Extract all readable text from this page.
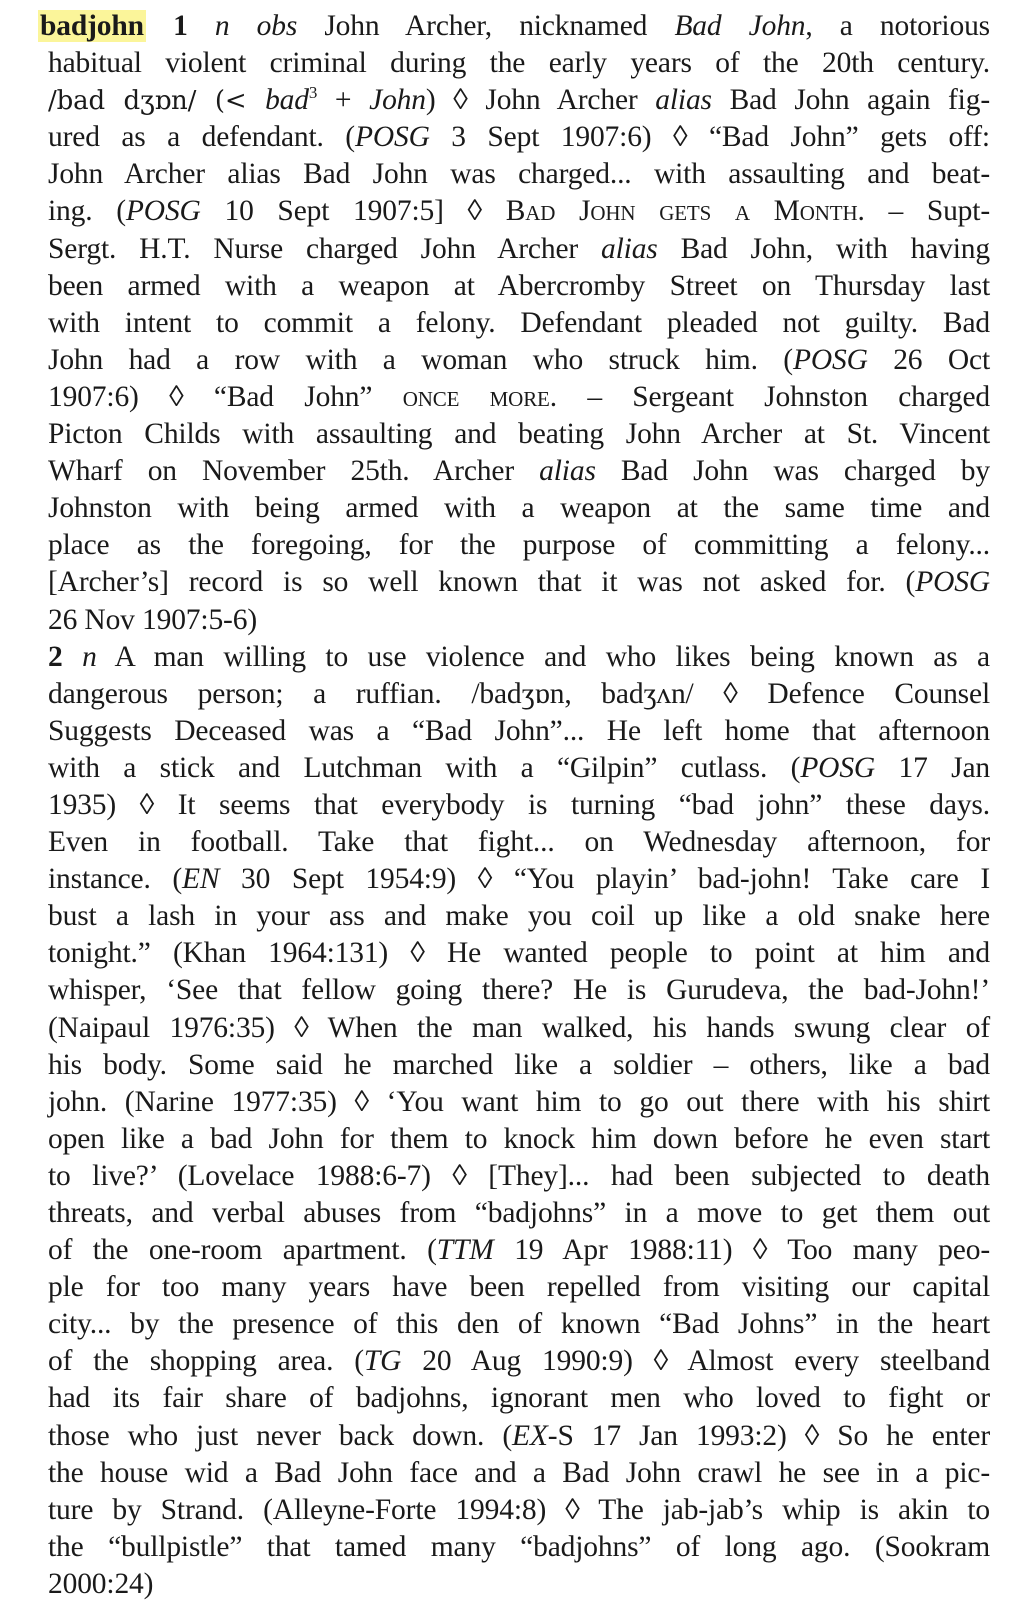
badjohn 1 n obs John Archer, nicknamed Bad John, a notorious
habitual violent criminal during the early years of the 20th century.
/bad dʒɒn/ (< bad$^3$ + John) ◊ John Archer alias Bad John again fig-
ured as a defendant. (POSG 3 Sept 1907:6) ◊ “Bad John” gets off:
John Archer alias Bad John was charged... with assaulting and beat-
ing. (POSG 10 Sept 1907:5] ◊ Bad John gets a Month. – Supt-
Sergt. H.T. Nurse charged John Archer alias Bad John, with having
been armed with a weapon at Abercromby Street on Thursday last
with intent to commit a felony. Defendant pleaded not guilty. Bad
John had a row with a woman who struck him. (POSG 26 Oct
1907:6) ◊ “Bad John” once more. – Sergeant Johnston charged
Picton Childs with assaulting and beating John Archer at St. Vincent
Wharf on November 25th. Archer alias Bad John was charged by
Johnston with being armed with a weapon at the same time and
place as the foregoing, for the purpose of committing a felony...
[Archer’s] record is so well known that it was not asked for. (POSG
26 Nov 1907:5-6)
2 n A man willing to use violence and who likes being known as a
dangerous person; a ruffian. /badʒɒn, badʒʌn/ ◊ Defence Counsel
Suggests Deceased was a “Bad John”... He left home that afternoon
with a stick and Lutchman with a “Gilpin” cutlass. (POSG 17 Jan
1935) ◊ It seems that everybody is turning “bad john” these days.
Even in football. Take that fight... on Wednesday afternoon, for
instance. (EN 30 Sept 1954:9) ◊ “You playin’ bad-john! Take care I
bust a lash in your ass and make you coil up like a old snake here
tonight.” (Khan 1964:131) ◊ He wanted people to point at him and
whisper, ‘See that fellow going there? He is Gurudeva, the bad-John!’
(Naipaul 1976:35) ◊ When the man walked, his hands swung clear of
his body. Some said he marched like a soldier – others, like a bad
john. (Narine 1977:35) ◊ ‘You want him to go out there with his shirt
open like a bad John for them to knock him down before he even start
to live?’ (Lovelace 1988:6-7) ◊ [They]... had been subjected to death
threats, and verbal abuses from “badjohns” in a move to get them out
of the one-room apartment. (TTM 19 Apr 1988:11) ◊ Too many peo-
ple for too many years have been repelled from visiting our capital
city... by the presence of this den of known “Bad Johns” in the heart
of the shopping area. (TG 20 Aug 1990:9) ◊ Almost every steelband
had its fair share of badjohns, ignorant men who loved to fight or
those who just never back down. (EX-S 17 Jan 1993:2) ◊ So he enter
the house wid a Bad John face and a Bad John crawl he see in a pic-
ture by Strand. (Alleyne-Forte 1994:8) ◊ The jab-jab’s whip is akin to
the “bullpistle” that tamed many “badjohns” of long ago. (Sookram
2000:24)
